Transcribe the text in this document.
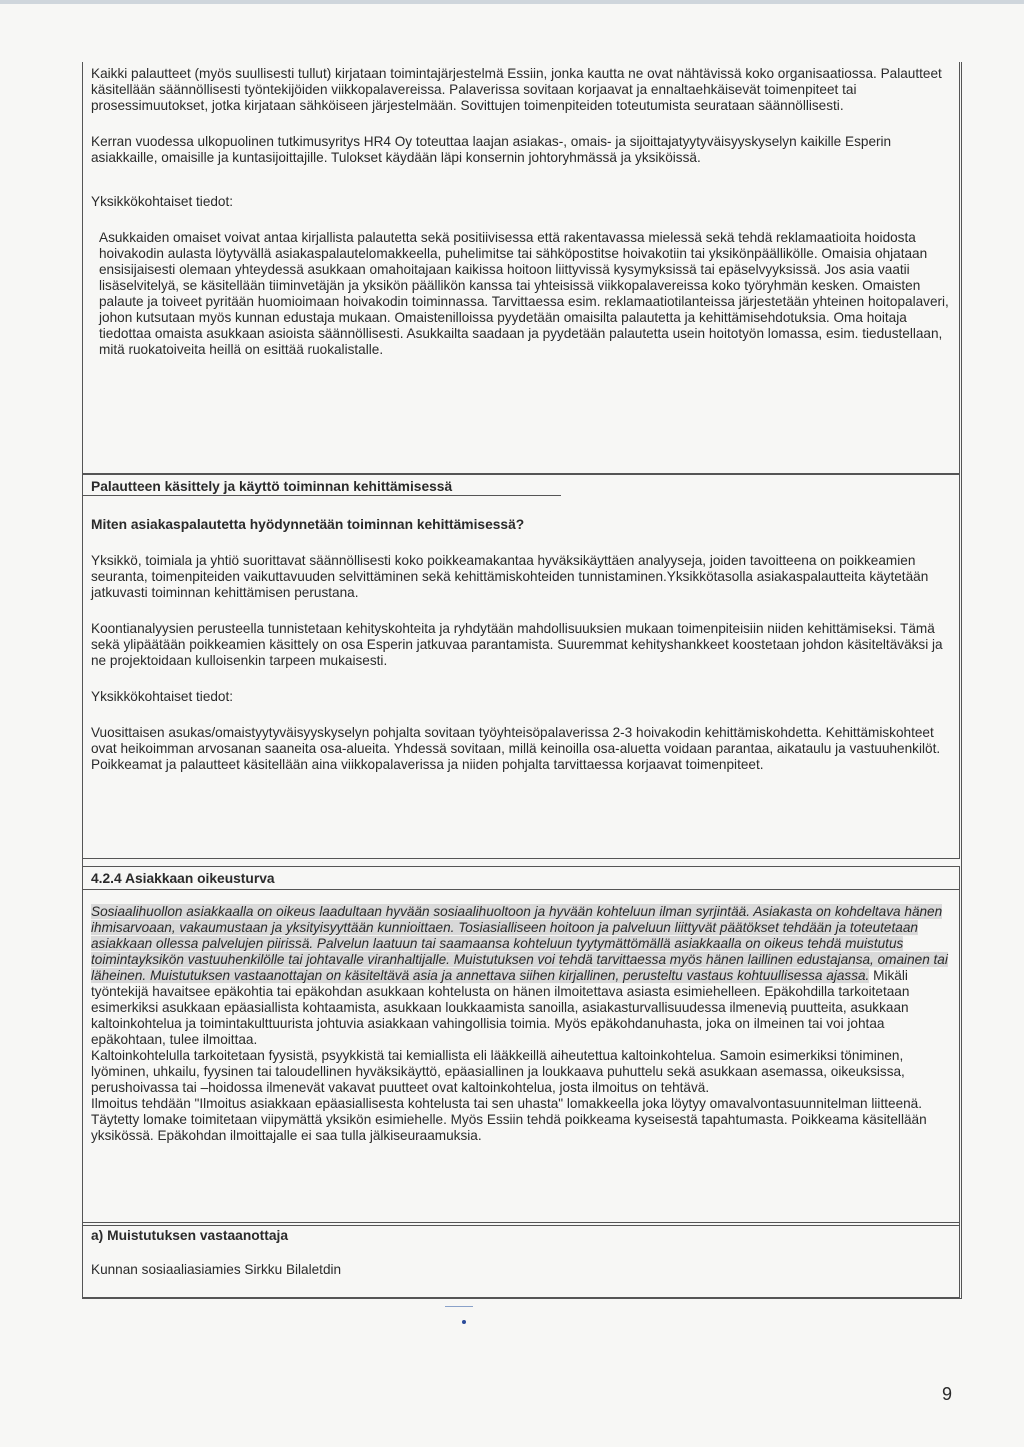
Kaikki palautteet (myös suullisesti tullut) kirjataan toimintajärjestelmä Essiin, jonka kautta ne ovat nähtävissä koko organisaatiossa. Palautteet käsitellään säännöllisesti työntekijöiden viikkopalavereissa. Palaverissa sovitaan korjaavat ja ennaltaehkäisevät toimenpiteet tai prosessimuutokset, jotka kirjataan sähköiseen järjestelmään. Sovittujen toimenpiteiden toteutumista seurataan säännöllisesti.

Kerran vuodessa ulkopuolinen tutkimusyritys HR4 Oy toteuttaa laajan asiakas-, omais- ja sijoittajatyytyväisyyskyselyn kaikille Esperin asiakkaille, omaisille ja kuntasijoittajille. Tulokset käydään läpi konsernin johtoryhmässä ja yksiköissä.

Yksikkökohtaiset tiedot:

Asukkaiden omaiset voivat antaa kirjallista palautetta sekä positiivisessa että rakentavassa mielessä sekä tehdä reklamaatioita hoidosta hoivakodin aulasta löytyvällä asiakaspalautelomakkeella, puhelimitse tai sähköpostitse hoivakotiin tai yksikönpäällikölle. Omaisia ohjataan ensisijaisesti olemaan yhteydessä asukkaan omahoitajaan kaikissa hoitoon liittyvissä kysymyksissä tai epäselvyyksissä. Jos asia vaatii lisäselvitelyä, se käsitellään tiiminvetäjän ja yksikön päällikön kanssa tai yhteisissä viikkopalavereissa koko työryhmän kesken. Omaisten palaute ja toiveet pyritään huomioimaan hoivakodin toiminnassa. Tarvittaessa esim. reklamaatiotilanteissa järjestetään yhteinen hoitopalaveri, johon kutsutaan myös kunnan edustaja mukaan. Omaistenilloissa pyydetään omaisilta palautetta ja kehittämisehdotuksia. Oma hoitaja tiedottaa omaista asukkaan asioista säännöllisesti. Asukkailta saadaan ja pyydetään palautetta usein hoitotyön lomassa, esim. tiedustellaan, mitä ruokatoiveita heillä on esittää ruokalistalle.

Palautteen käsittely ja käyttö toiminnan kehittämisessä

Miten asiakaspalautetta hyödynnetään toiminnan kehittämisessä?

Yksikkö, toimiala ja yhtiö suorittavat säännöllisesti koko poikkeamakantaa hyväksikäyttäen analyyseja, joiden tavoitteena on poikkeamien seuranta, toimenpiteiden vaikuttavuuden selvittäminen sekä kehittämiskohteiden tunnistaminen.Yksikkötasolla asiakaspalautteita käytetään jatkuvasti toiminnan kehittämisen perustana.

Koontianalyysien perusteella tunnistetaan kehityskohteita ja ryhdytään mahdollisuuksien mukaan toimenpiteisiin niiden kehittämiseksi. Tämä sekä ylipäätään poikkeamien käsittely on osa Esperin jatkuvaa parantamista. Suuremmat kehityshankkeet koostetaan johdon käsiteltäväksi ja ne projektoidaan kulloisenkin tarpeen mukaisesti.

Yksikkökohtaiset tiedot:

Vuosittaisen asukas/omaistyytyväisyyskyselyn pohjalta sovitaan työyhteisöpalaverissa 2-3 hoivakodin kehittämiskohdetta. Kehittämiskohteet ovat heikoimman arvosanan saaneita osa-alueita. Yhdessä sovitaan, millä keinoilla osa-aluetta voidaan parantaa, aikataulu ja vastuuhenkilöt. Poikkeamat ja palautteet käsitellään aina viikkopalaverissa ja niiden pohjalta tarvittaessa korjaavat toimenpiteet.

4.2.4 Asiakkaan oikeusturva

Sosiaalihuollon asiakkaalla on oikeus laadultaan hyvään sosiaalihuoltoon ja hyvään kohteluun ilman syrjintää. Asiakasta on kohdeltava hänen ihmisarvoaan, vakaumustaan ja yksityisyyttään kunnioittaen. Tosiasialliseen hoitoon ja palveluun liittyvät päätökset tehdään ja toteutetaan asiakkaan ollessa palvelujen piirissä. Palvelun laatuun tai saamaansa kohteluun tyytymättömällä asiakkaalla on oikeus tehdä muistutus toimintayksikön vastuuhenkilölle tai johtavalle viranhaltijalle. Muistutuksen voi tehdä tarvittaessa myös hänen laillinen edustajansa, omainen tai läheinen. Muistutuksen vastaanottajan on käsiteltävä asia ja annettava siihen kirjallinen, perusteltu vastaus kohtuullisessa ajassa. Mikäli työntekijä havaitsee epäkohtia tai epäkohdan asukkaan kohtelusta on hänen ilmoitettava asiasta esimiehelleen. Epäkohdilla tarkoitetaan esimerkiksi asukkaan epäasiallista kohtaamista, asukkaan loukkaamista sanoilla, asiakasturvallisuudessa ilmenevią puutteita, asukkaan kaltoinkohtelua ja toimintakulttuurista johtuvia asiakkaan vahingollisia toimia. Myös epäkohdanuhasta, joka on ilmeinen tai voi johtaa epäkohtaan, tulee ilmoittaa.

Kaltoinkohtelulla tarkoitetaan fyysistä, psyykkistä tai kemiallista eli lääkkeillä aiheutettua kaltoinkohtelua. Samoin esimerkiksi töniminen, lyöminen, uhkailu, fyysinen tai taloudellinen hyväksikäyttö, epäasiallinen ja loukkaava puhuttelu sekä asukkaan asemassa, oikeuksissa, perushoivassa tai –hoidossa ilmenevät vakavat puutteet ovat kaltoinkohtelua, josta ilmoitus on tehtävä.

Ilmoitus tehdään "Ilmoitus asiakkaan epäasiallisesta kohtelusta tai sen uhasta" lomakkeella joka löytyy omavalvontasuunnitelman liitteenä. Täytetty lomake toimitetaan viipymättä yksikön esimiehelle. Myös Essiin tehdä poikkeama kyseisestä tapahtumasta. Poikkeama käsitellään yksikössä. Epäkohdan ilmoittajalle ei saa tulla jälkiseuraamuksia.

a) Muistutuksen vastaanottaja

Kunnan sosiaaliasiamies Sirkku Bilaletdin

9
